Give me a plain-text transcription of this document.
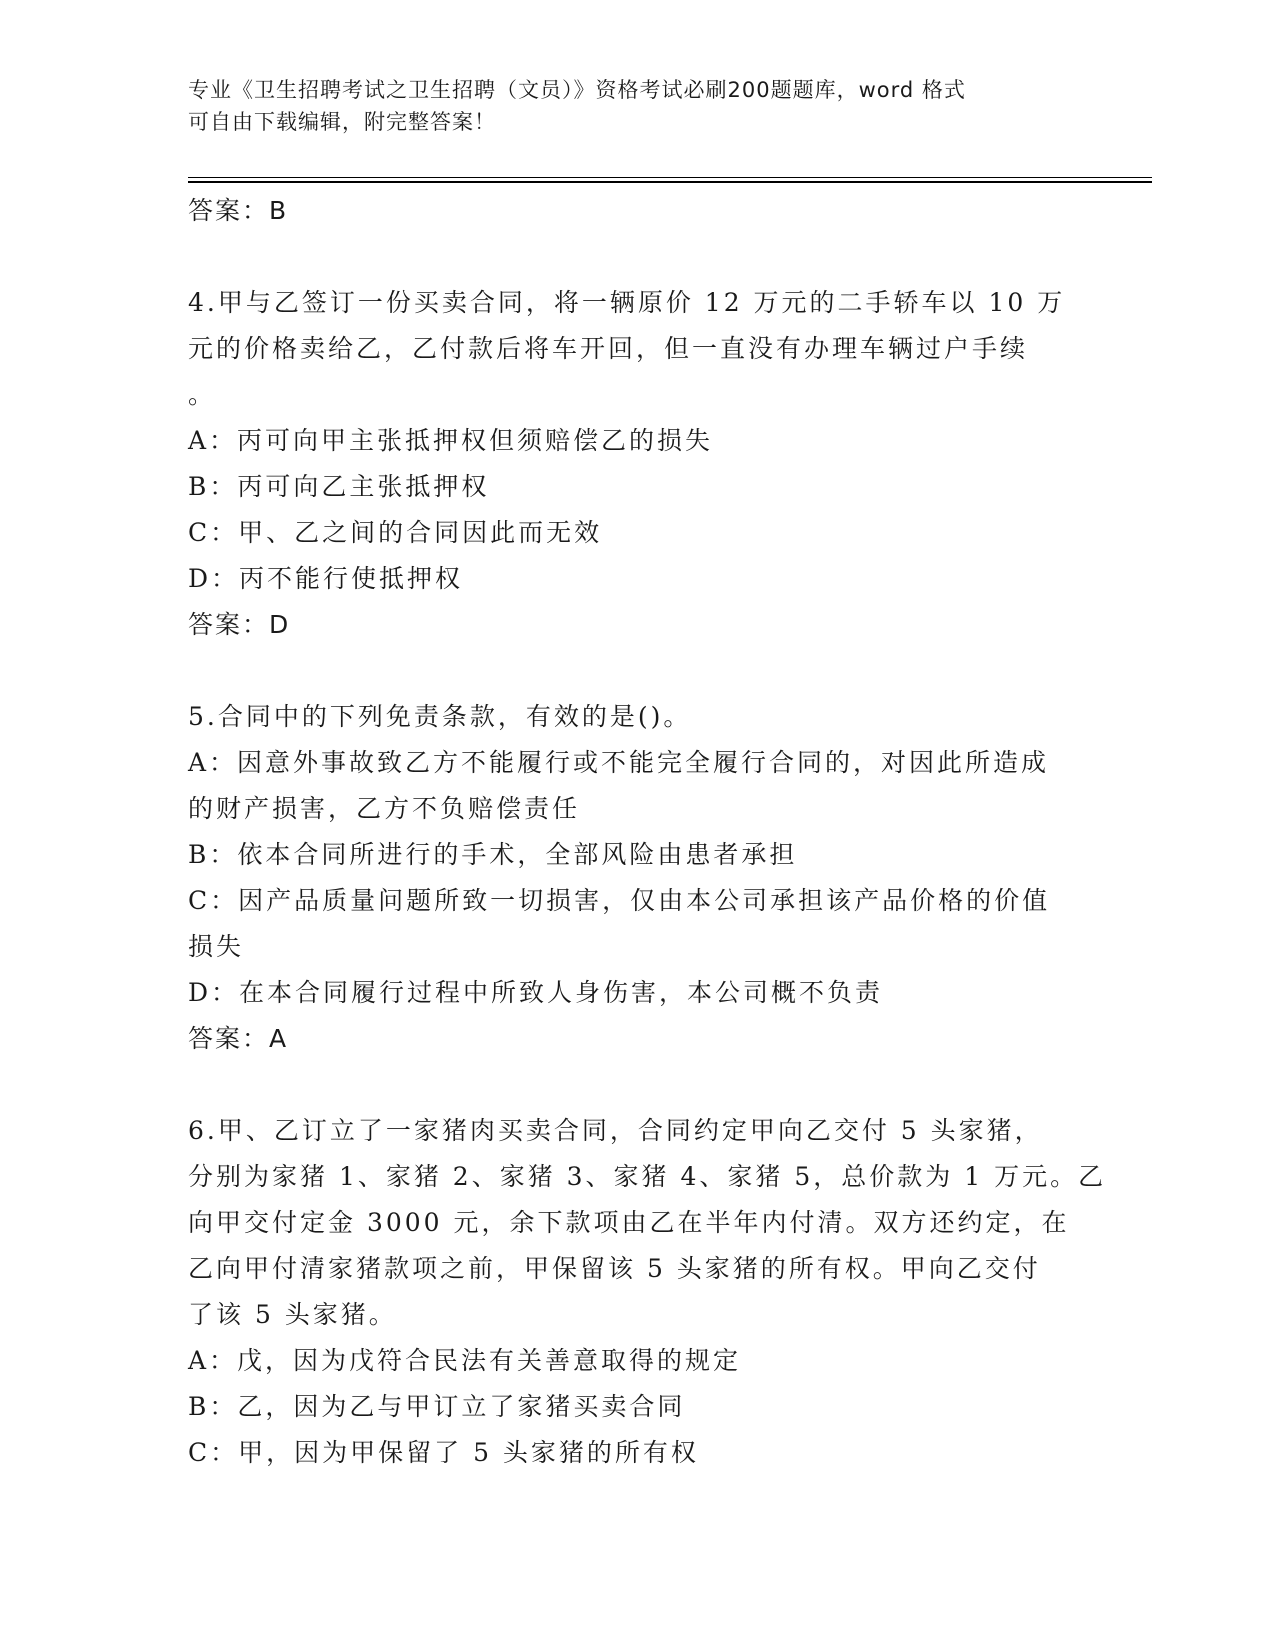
专业《卫生招聘考试之卫生招聘（文员）》资格考试必刷200题题库，word 格式
可自由下载编辑，附完整答案！
答案：B
4.甲与乙签订一份买卖合同，将一辆原价 12 万元的二手轿车以 10 万
元的价格卖给乙，乙付款后将车开回，但一直没有办理车辆过户手续
。
A：丙可向甲主张抵押权但须赔偿乙的损失
B：丙可向乙主张抵押权
C：甲、乙之间的合同因此而无效
D：丙不能行使抵押权
答案：D
5.合同中的下列免责条款，有效的是()。
A：因意外事故致乙方不能履行或不能完全履行合同的，对因此所造成
的财产损害，乙方不负赔偿责任
B：依本合同所进行的手术，全部风险由患者承担
C：因产品质量问题所致一切损害，仅由本公司承担该产品价格的价值
损失
D：在本合同履行过程中所致人身伤害，本公司概不负责
答案：A
6.甲、乙订立了一家猪肉买卖合同，合同约定甲向乙交付 5 头家猪，
分别为家猪 1、家猪 2、家猪 3、家猪 4、家猪 5，总价款为 1 万元。乙
向甲交付定金 3000 元，余下款项由乙在半年内付清。双方还约定，在
乙向甲付清家猪款项之前，甲保留该 5 头家猪的所有权。甲向乙交付
了该 5 头家猪。
A：戊，因为戊符合民法有关善意取得的规定
B：乙，因为乙与甲订立了家猪买卖合同
C：甲，因为甲保留了 5 头家猪的所有权
